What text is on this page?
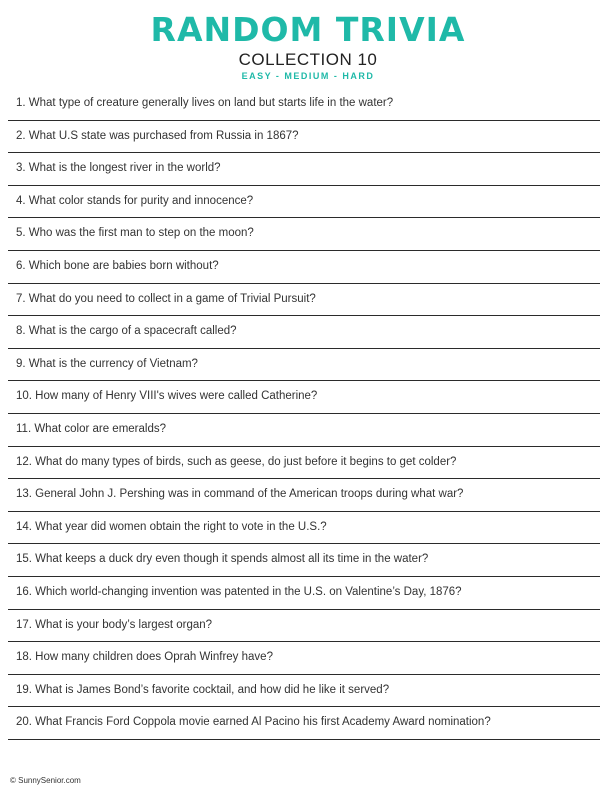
RANDOM TRIVIA
COLLECTION 10
EASY - MEDIUM - HARD
1. What type of creature generally lives on land but starts life in the water?
2. What U.S state was purchased from Russia in 1867?
3. What is the longest river in the world?
4. What color stands for purity and innocence?
5. Who was the first man to step on the moon?
6. Which bone are babies born without?
7. What do you need to collect in a game of Trivial Pursuit?
8. What is the cargo of a spacecraft called?
9. What is the currency of Vietnam?
10. How many of Henry VIII's wives were called Catherine?
11. What color are emeralds?
12. What do many types of birds, such as geese, do just before it begins to get colder?
13. General John J. Pershing was in command of the American troops during what war?
14. What year did women obtain the right to vote in the U.S.?
15. What keeps a duck dry even though it spends almost all its time in the water?
16. Which world-changing invention was patented in the U.S. on Valentine’s Day, 1876?
17. What is your body’s largest organ?
18. How many children does Oprah Winfrey have?
19. What is James Bond’s favorite cocktail, and how did he like it served?
20. What Francis Ford Coppola movie earned Al Pacino his first Academy Award nomination?
© SunnySenior.com
